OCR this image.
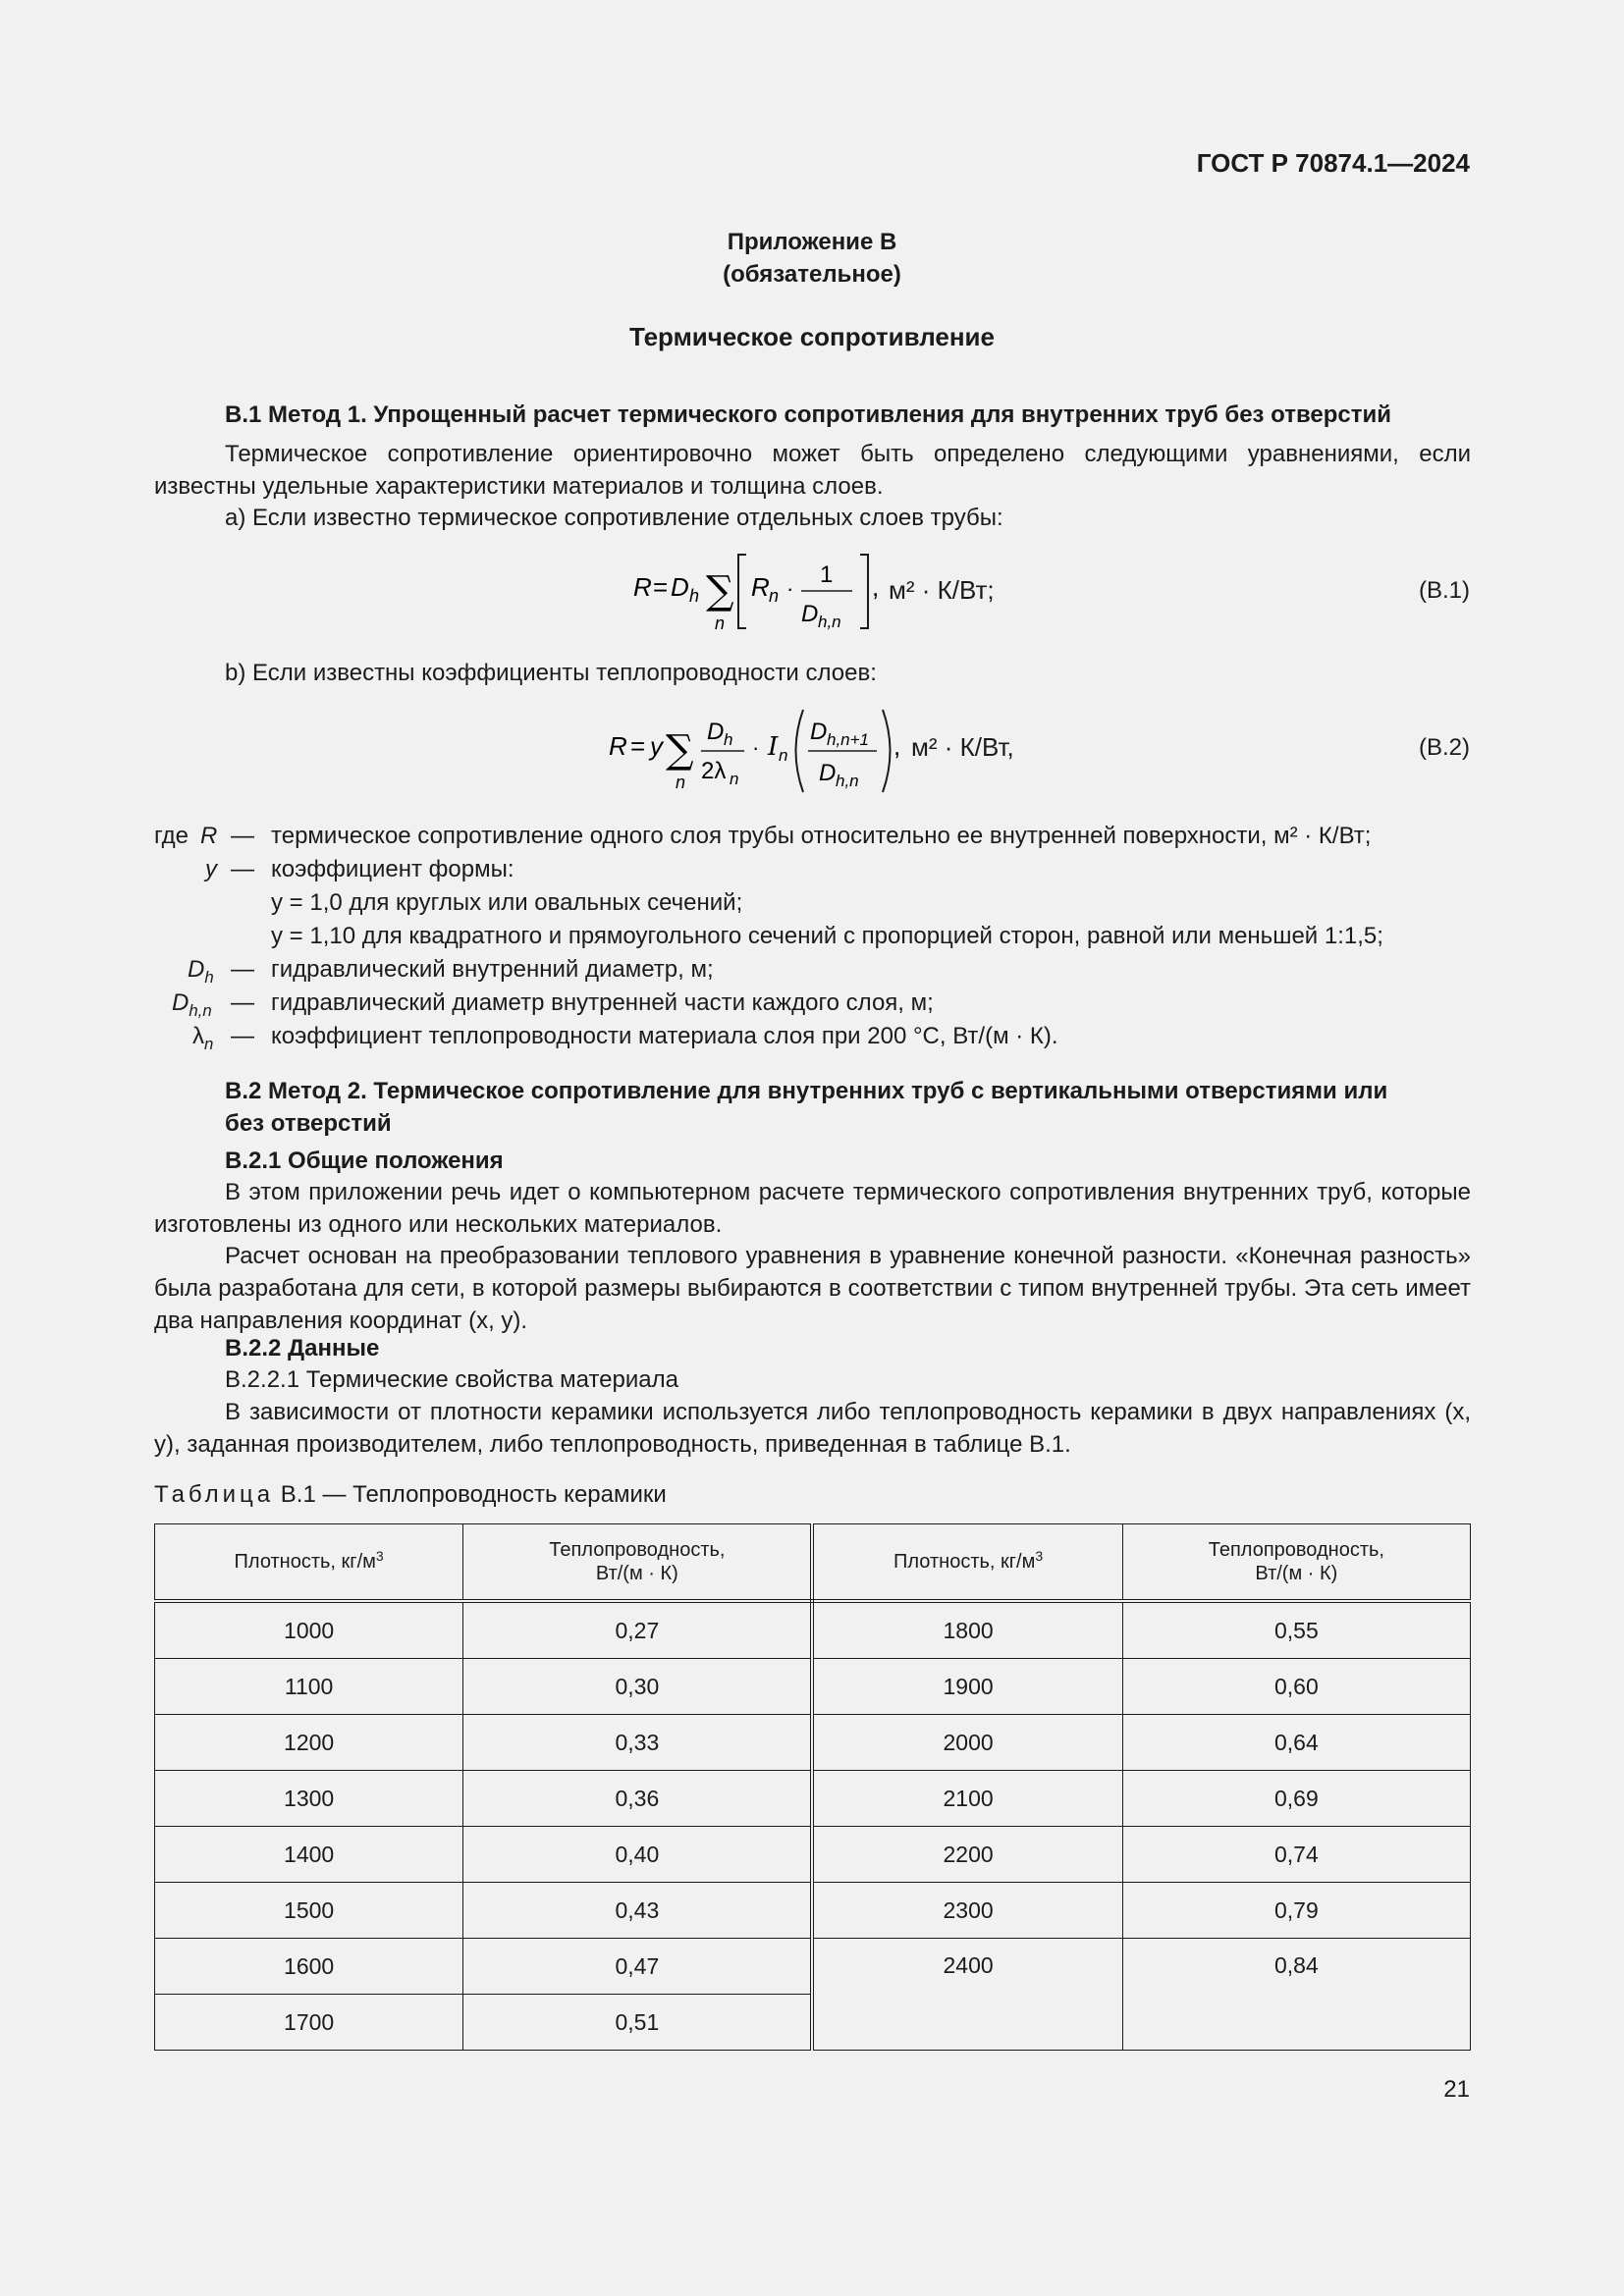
ГОСТ Р 70874.1—2024
Приложение В
(обязательное)
Термическое сопротивление
В.1 Метод 1. Упрощенный расчет термического сопротивления для внутренних труб без отверстий
Термическое сопротивление ориентировочно может быть определено следующими уравнениями, если известны удельные характеристики материалов и толщина слоев.
а) Если известно термическое сопротивление отдельных слоев трубы:
R = D h ∑
n
R n ·
1
D h,n
, м² · К/Вт;	(В.1)
b) Если известны коэффициенты теплопроводности слоев:
R = y ∑
n
D h
2λ n
· I n
D h,n+1
D h,n
, м² · К/Вт,	(В.2)
где R — термическое сопротивление одного слоя трубы относительно ее внутренней поверхности, м² · К/Вт;
y — коэффициент формы:
y = 1,0 для круглых или овальных сечений;
y = 1,10 для квадратного и прямоугольного сечений с пропорцией сторон, равной или меньшей 1:1,5;
$D_h$ — гидравлический внутренний диаметр, м;
$D_{h,n}$ — гидравлический диаметр внутренней части каждого слоя, м;
$\lambda_n$ — коэффициент теплопроводности материала слоя при 200 °С, Вт/(м · К).
В.2 Метод 2. Термическое сопротивление для внутренних труб с вертикальными отверстиями или
без отверстий
В.2.1 Общие положения
В этом приложении речь идет о компьютерном расчете термического сопротивления внутренних труб, которые изготовлены из одного или нескольких материалов.
Расчет основан на преобразовании теплового уравнения в уравнение конечной разности. «Конечная разность» была разработана для сети, в которой размеры выбираются в соответствии с типом внутренней трубы. Эта сеть имеет два направления координат (x, y).
В.2.2 Данные
В.2.2.1 Термические свойства материала
В зависимости от плотности керамики используется либо теплопроводность керамики в двух направлениях (x, y), заданная производителем, либо теплопроводность, приведенная в таблице В.1.
Таблица В.1 — Теплопроводность керамики
Плотность, $кг/м^3$	Теплопроводность,
Вт/(м · К)	Плотность, $кг/м^3$	Теплопроводность,
Вт/(м · К)
1000	0,27	1800	0,55
1100	0,30	1900	0,60
1200	0,33	2000	0,64
1300	0,36	2100	0,69
1400	0,40	2200	0,74
1500	0,43	2300	0,79
1600	0,47	2400	0,84
1700	0,51		
21
